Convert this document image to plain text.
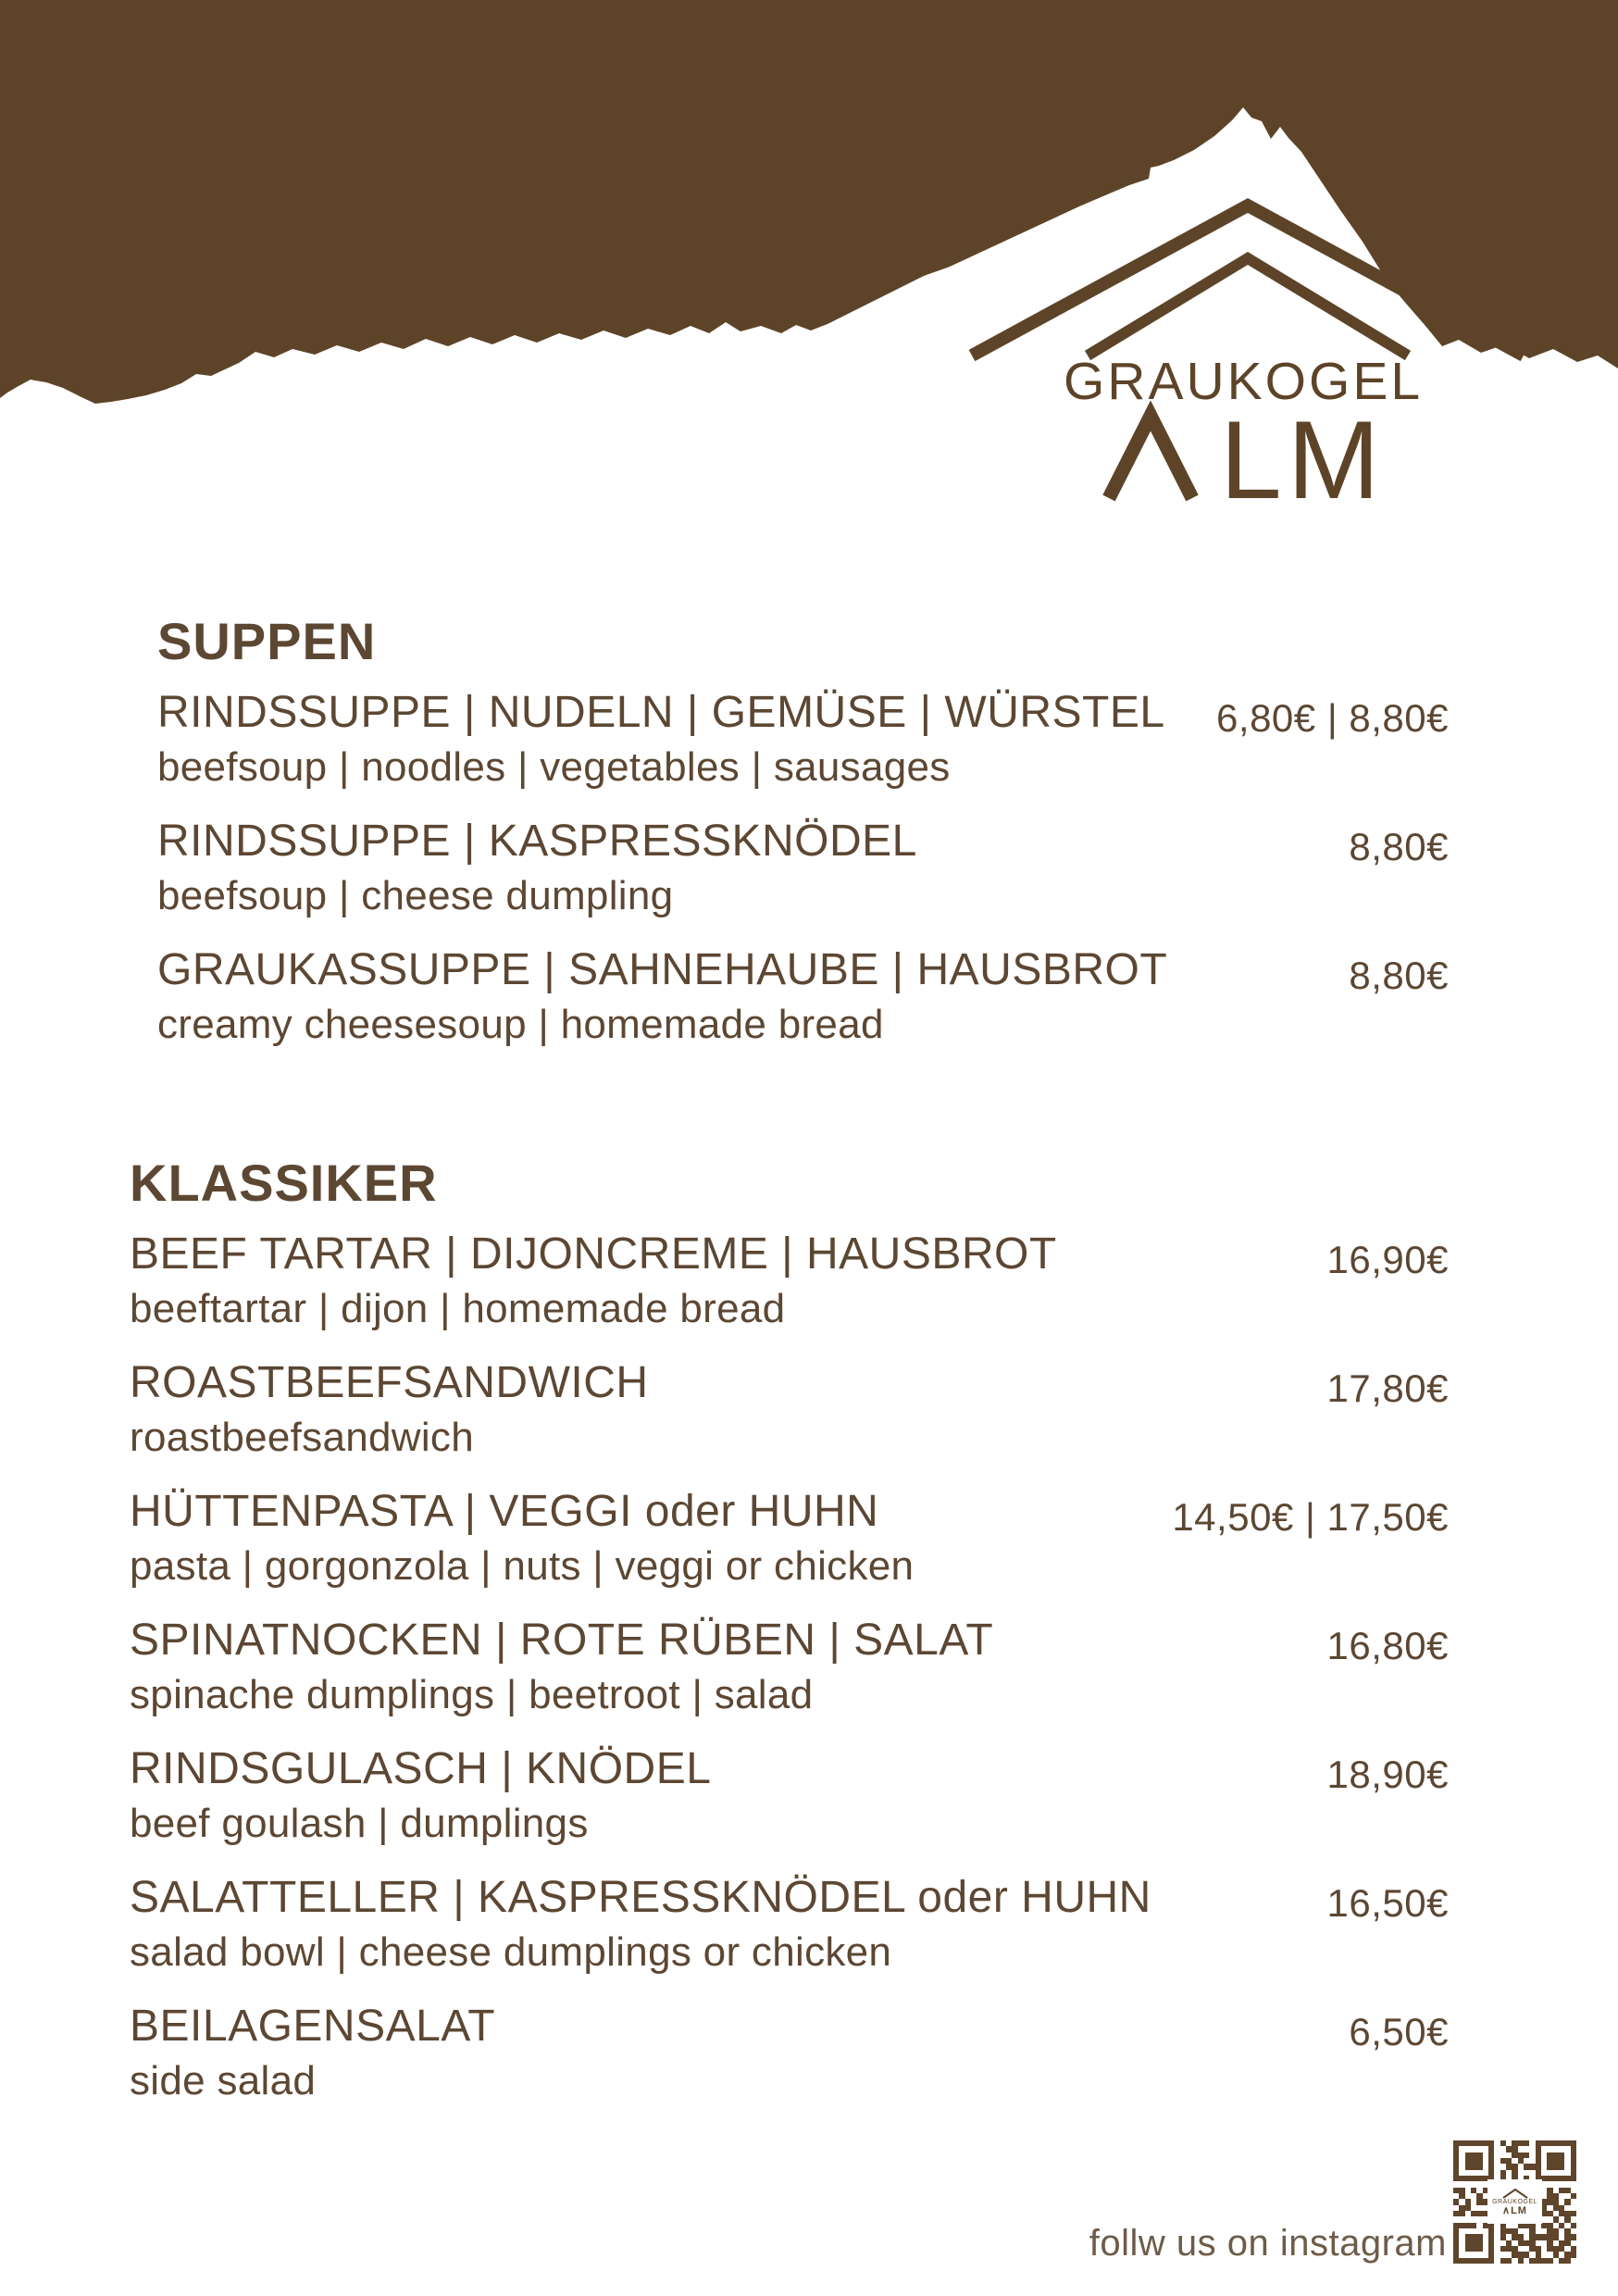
GRAUKOGEL
LM
SUPPEN
RINDSSUPPE | NUDELN | GEMÜSE | WÜRSTEL 6,80€ | 8,80€
beefsoup | noodles | vegetables | sausages
RINDSSUPPE | KASPRESSKNÖDEL	8,80€
beefsoup | cheese dumpling
GRAUKASSUPPE | SAHNEHAUBE | HAUSBROT	8,80€
creamy cheesesoup | homemade bread
KLASSIKER
BEEF TARTAR | DIJONCREME | HAUSBROT	16,90€
beeftartar | dijon | homemade bread
ROASTBEEFSANDWICH	17,80€
roastbeefsandwich
HÜTTENPASTA | VEGGI oder HUHN	14,50€ | 17,50€
pasta | gorgonzola | nuts | veggi or chicken
SPINATNOCKEN | ROTE RÜBEN | SALAT	16,80€
spinache dumplings | beetroot | salad
RINDSGULASCH | KNÖDEL	18,90€
beef goulash | dumplings
SALATTELLER | KASPRESSKNÖDEL oder HUHN	16,50€
salad bowl | cheese dumplings or chicken
BEILAGENSALAT	6,50€
side salad
follw us on instagram
GRAUKOGEL
∧LM
